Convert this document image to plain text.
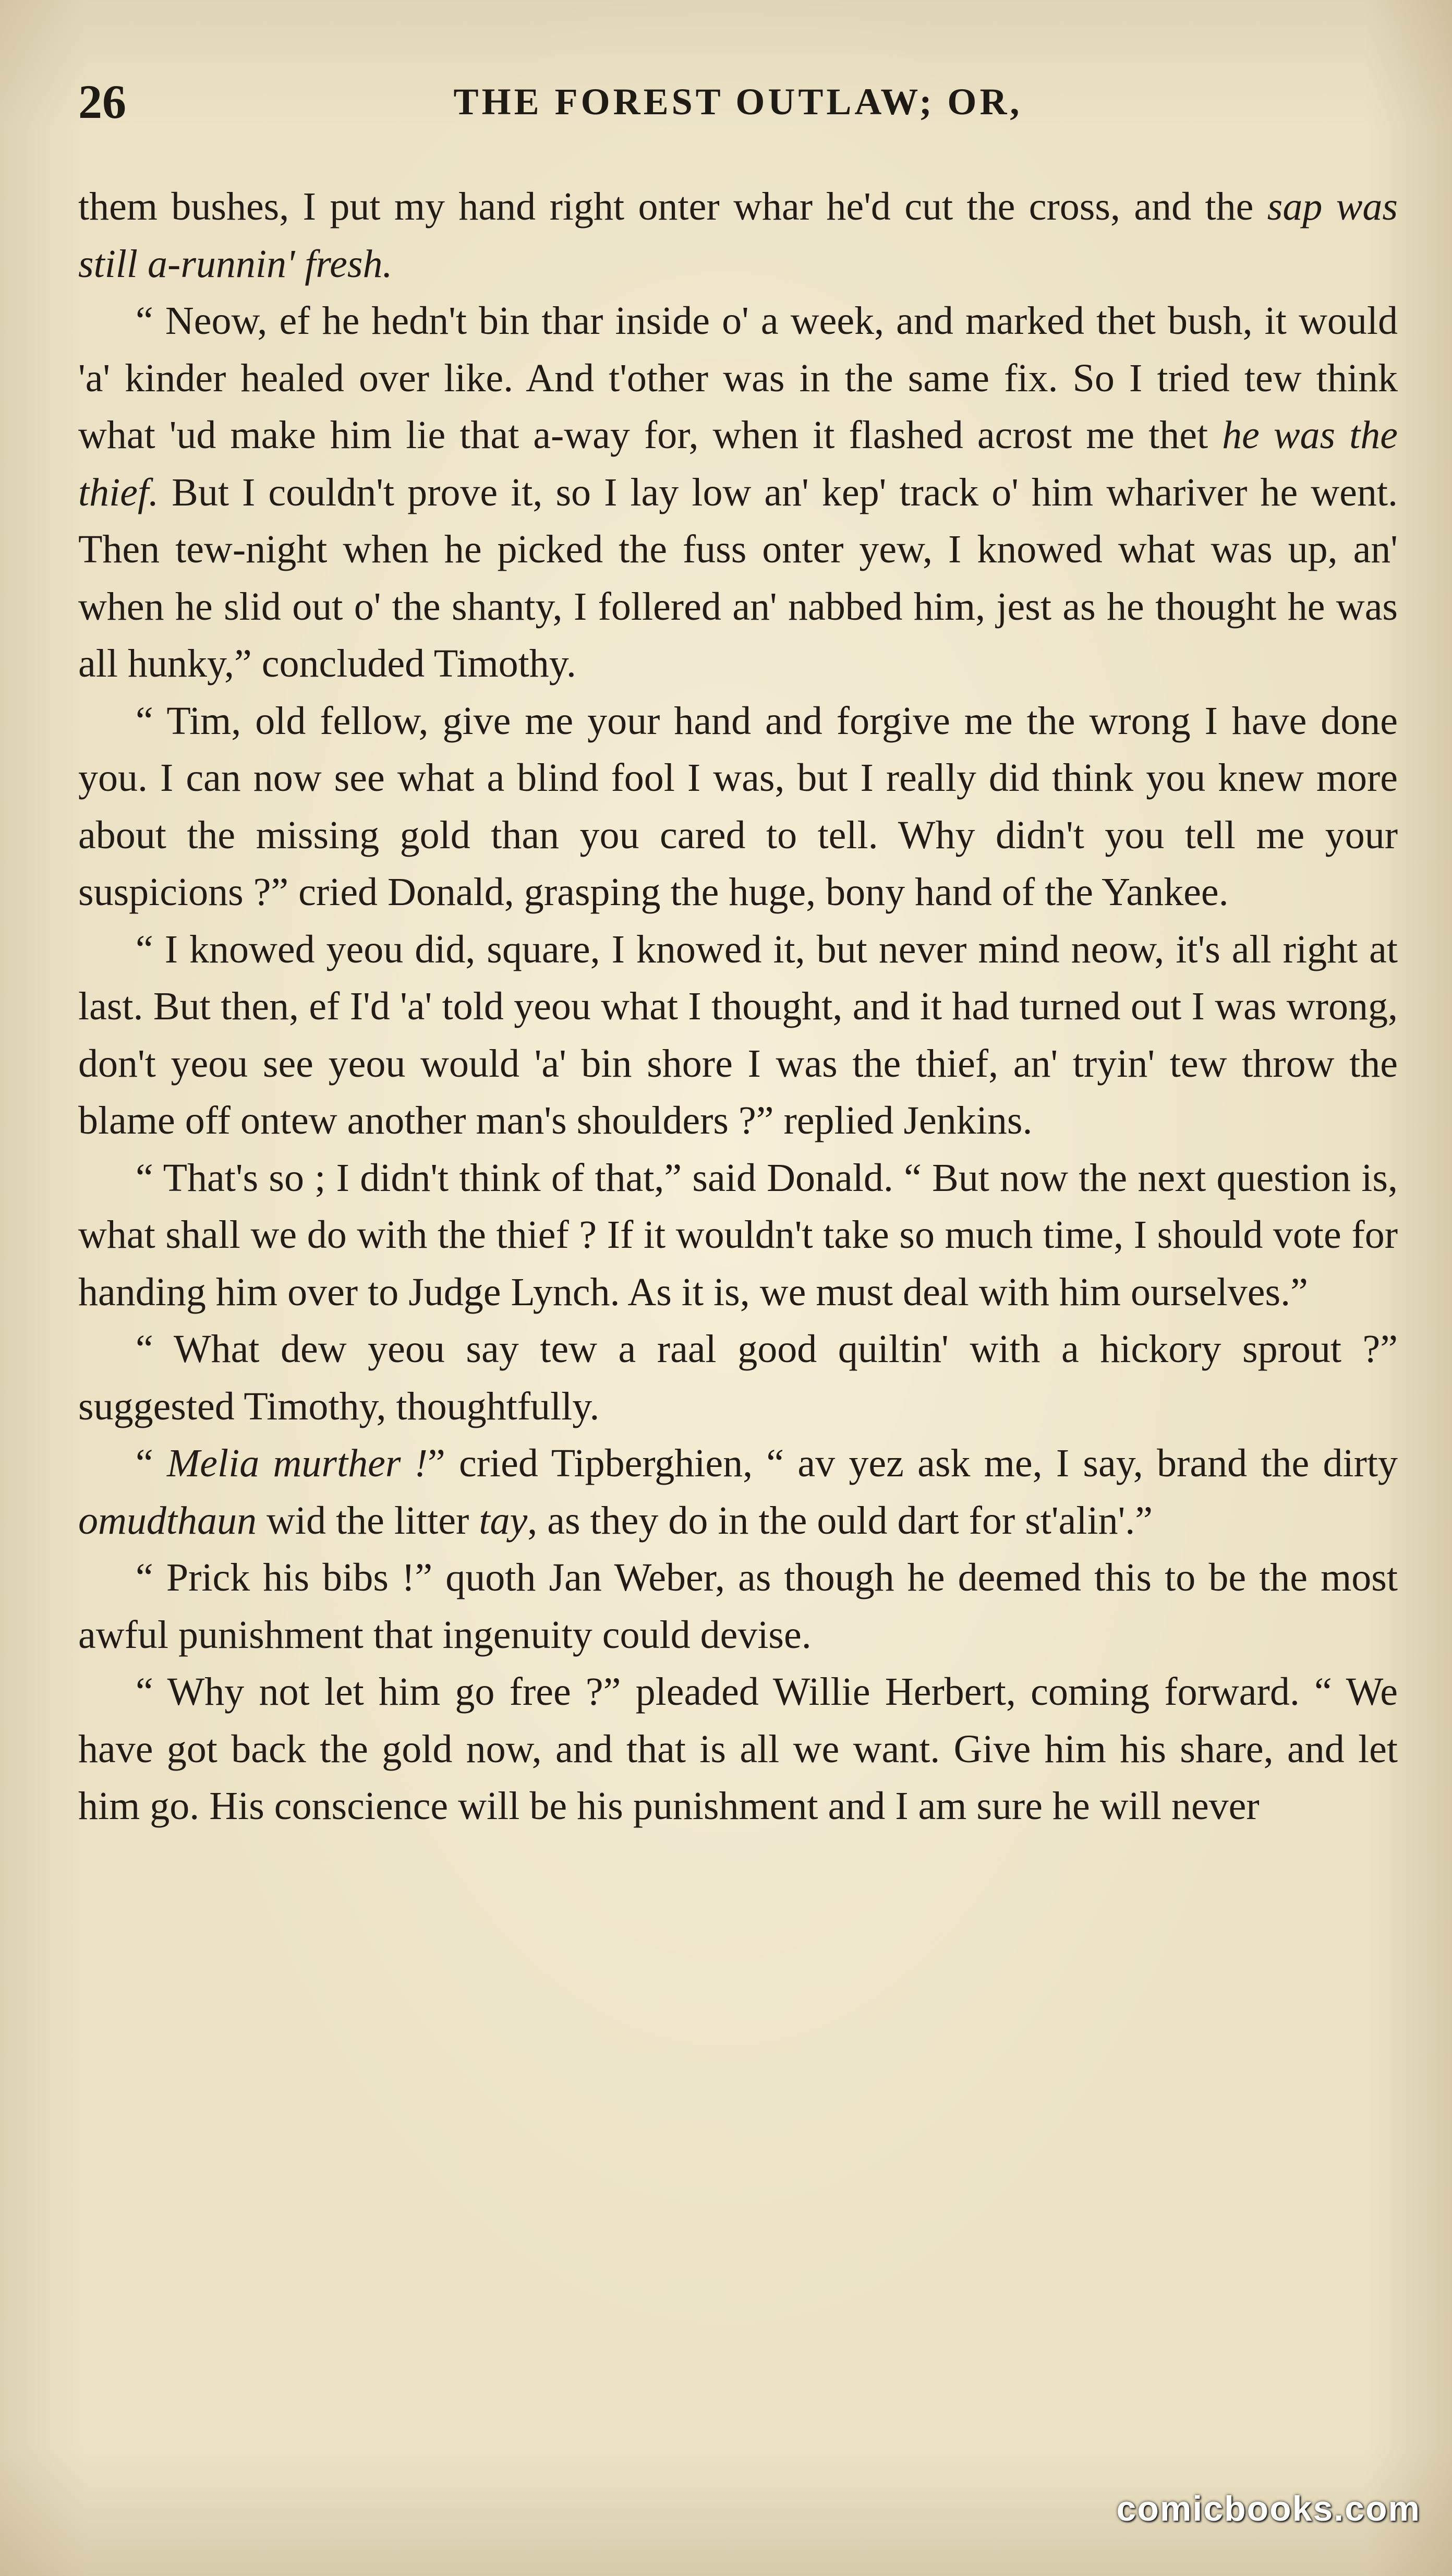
26	THE FOREST OUTLAW; OR,

them bushes, I put my hand right onter whar he'd cut the cross, and the sap was still a-runnin' fresh.

“ Neow, ef he hedn't bin thar inside o' a week, and marked thet bush, it would 'a' kinder healed over like. And t'other was in the same fix. So I tried tew think what 'ud make him lie that a-way for, when it flashed acrost me thet he was the thief. But I couldn't prove it, so I lay low an' kep' track o' him whariver he went. Then tew-night when he picked the fuss onter yew, I knowed what was up, an' when he slid out o' the shanty, I follered an' nabbed him, jest as he thought he was all hunky,” concluded Timothy.

“ Tim, old fellow, give me your hand and forgive me the wrong I have done you. I can now see what a blind fool I was, but I really did think you knew more about the missing gold than you cared to tell. Why didn't you tell me your suspicions ?” cried Donald, grasping the huge, bony hand of the Yankee.

“ I knowed yeou did, square, I knowed it, but never mind neow, it's all right at last. But then, ef I'd 'a' told yeou what I thought, and it had turned out I was wrong, don't yeou see yeou would 'a' bin shore I was the thief, an' tryin' tew throw the blame off ontew another man's shoulders ?” replied Jenkins.

“ That's so ; I didn't think of that,” said Donald. “ But now the next question is, what shall we do with the thief ? If it wouldn't take so much time, I should vote for handing him over to Judge Lynch. As it is, we must deal with him ourselves.”

“ What dew yeou say tew a raal good quiltin' with a hickory sprout ?” suggested Timothy, thoughtfully.

“ Melia murther !” cried Tipberghien, “ av yez ask me, I say, brand the dirty omudthaun wid the litter tay, as they do in the ould dart for st'alin'.”

“ Prick his bibs !” quoth Jan Weber, as though he deemed this to be the most awful punishment that ingenuity could devise.

“ Why not let him go free ?” pleaded Willie Herbert, coming forward. “ We have got back the gold now, and that is all we want. Give him his share, and let him go. His conscience will be his punishment and I am sure he will never

comicbooks.com
